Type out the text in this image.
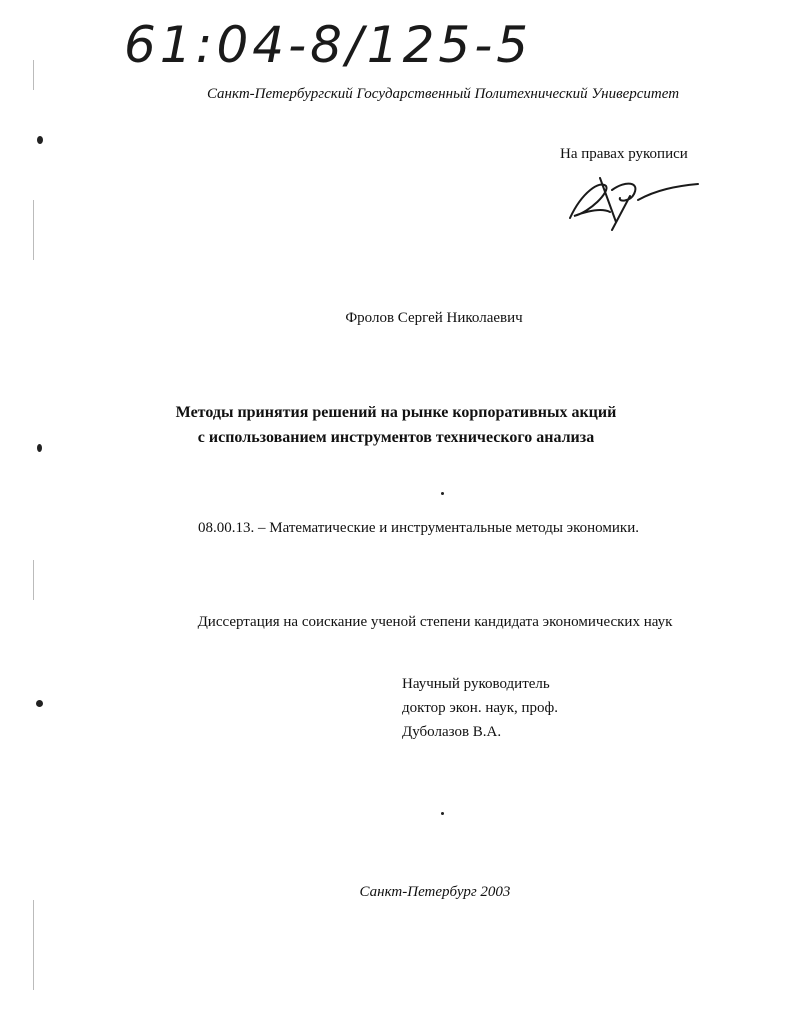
61:04-8/125-5
Санкт-Петербургский Государственный Политехнический Университет
На правах рукописи
Фролов Сергей Николаевич
Методы принятия решений на рынке корпоративных акций
с использованием инструментов технического анализа
08.00.13. – Математические и инструментальные методы экономики.
Диссертация на соискание ученой степени кандидата экономических наук
Научный руководитель
доктор экон. наук, проф.
Дуболазов В.А.
Санкт-Петербург 2003
